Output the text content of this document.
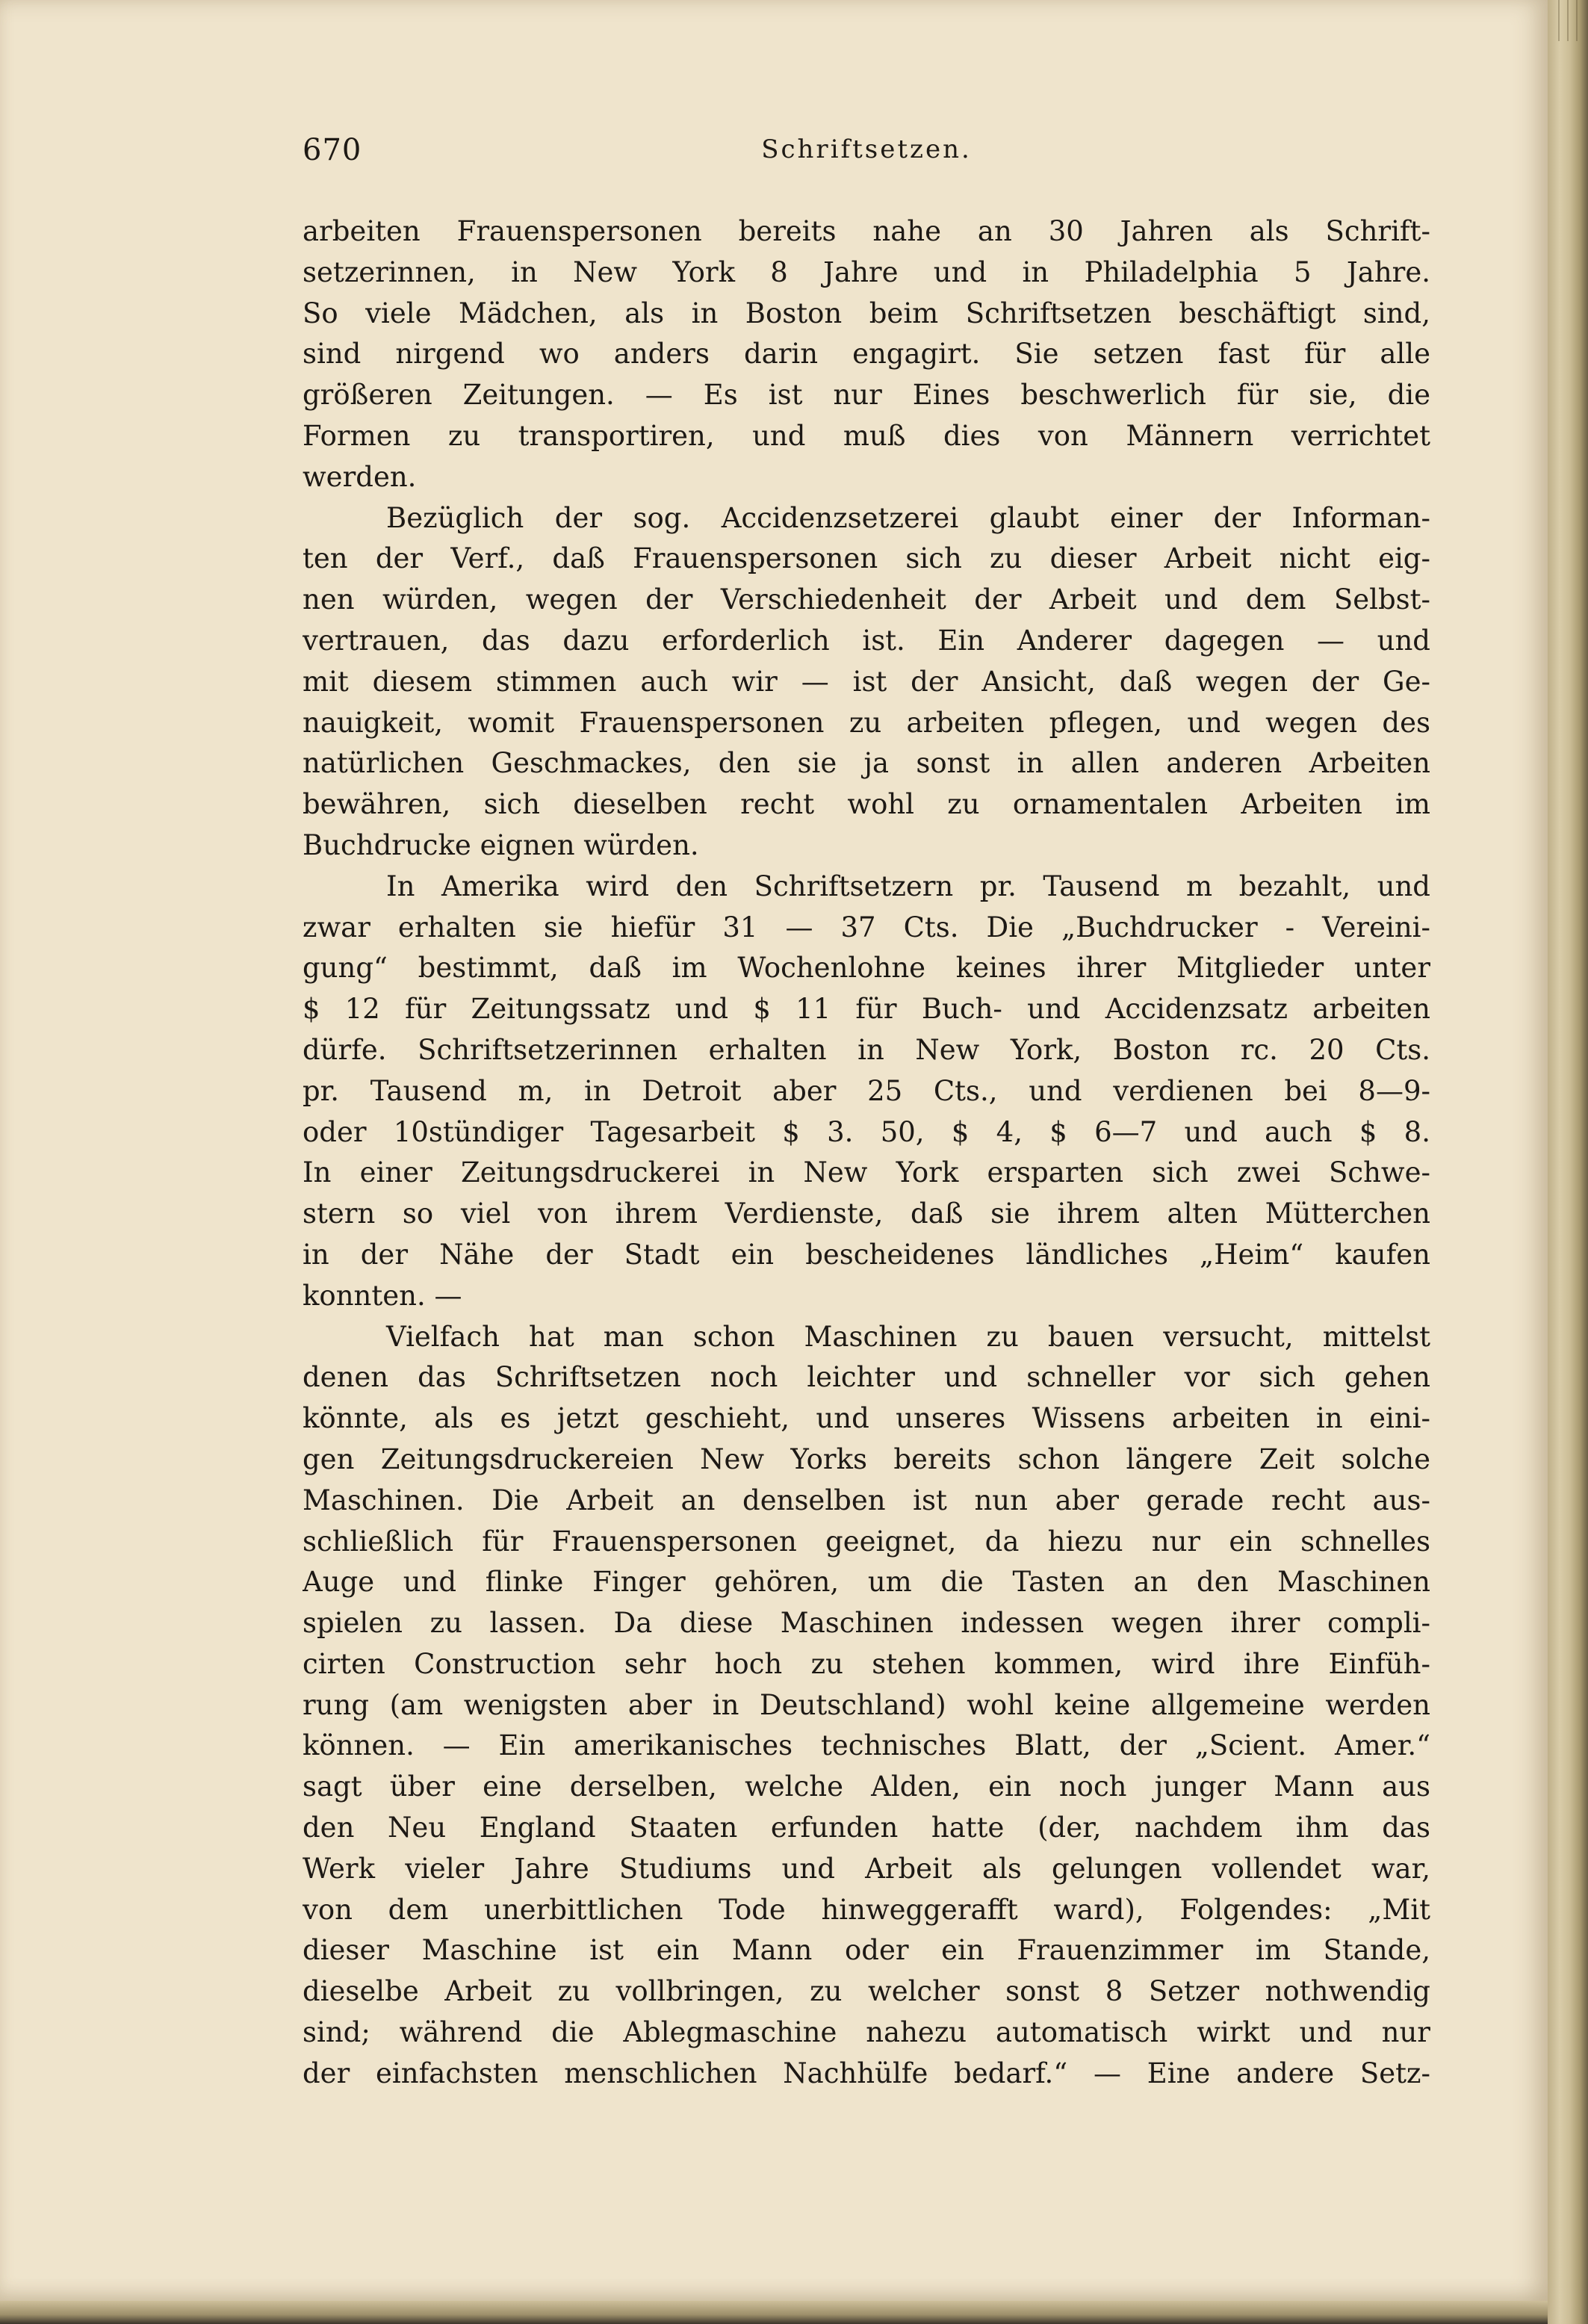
670	Schriftsetzen.
arbeiten Frauenspersonen bereits nahe an 30 Jahren als Schrift-
setzerinnen, in New York 8 Jahre und in Philadelphia 5 Jahre.
So viele Mädchen, als in Boston beim Schriftsetzen beschäftigt sind,
sind nirgend wo anders darin engagirt. Sie setzen fast für alle
größeren Zeitungen. — Es ist nur Eines beschwerlich für sie, die
Formen zu transportiren, und muß dies von Männern verrichtet
werden.
Bezüglich der sog. Accidenzsetzerei glaubt einer der Informan-
ten der Verf., daß Frauenspersonen sich zu dieser Arbeit nicht eig-
nen würden, wegen der Verschiedenheit der Arbeit und dem Selbst-
vertrauen, das dazu erforderlich ist. Ein Anderer dagegen — und
mit diesem stimmen auch wir — ist der Ansicht, daß wegen der Ge-
nauigkeit, womit Frauenspersonen zu arbeiten pflegen, und wegen des
natürlichen Geschmackes, den sie ja sonst in allen anderen Arbeiten
bewähren, sich dieselben recht wohl zu ornamentalen Arbeiten im
Buchdrucke eignen würden.
In Amerika wird den Schriftsetzern pr. Tausend m bezahlt, und
zwar erhalten sie hiefür 31 — 37 Cts. Die „Buchdrucker - Vereini-
gung“ bestimmt, daß im Wochenlohne keines ihrer Mitglieder unter
$ 12 für Zeitungssatz und $ 11 für Buch- und Accidenzsatz arbeiten
dürfe. Schriftsetzerinnen erhalten in New York, Boston rc. 20 Cts.
pr. Tausend m, in Detroit aber 25 Cts., und verdienen bei 8—9-
oder 10stündiger Tagesarbeit $ 3. 50, $ 4, $ 6—7 und auch $ 8.
In einer Zeitungsdruckerei in New York ersparten sich zwei Schwe-
stern so viel von ihrem Verdienste, daß sie ihrem alten Mütterchen
in der Nähe der Stadt ein bescheidenes ländliches „Heim“ kaufen
konnten. —
Vielfach hat man schon Maschinen zu bauen versucht, mittelst
denen das Schriftsetzen noch leichter und schneller vor sich gehen
könnte, als es jetzt geschieht, und unseres Wissens arbeiten in eini-
gen Zeitungsdruckereien New Yorks bereits schon längere Zeit solche
Maschinen. Die Arbeit an denselben ist nun aber gerade recht aus-
schließlich für Frauenspersonen geeignet, da hiezu nur ein schnelles
Auge und flinke Finger gehören, um die Tasten an den Maschinen
spielen zu lassen. Da diese Maschinen indessen wegen ihrer compli-
cirten Construction sehr hoch zu stehen kommen, wird ihre Einfüh-
rung (am wenigsten aber in Deutschland) wohl keine allgemeine werden
können. — Ein amerikanisches technisches Blatt, der „Scient. Amer.“
sagt über eine derselben, welche Alden, ein noch junger Mann aus
den Neu England Staaten erfunden hatte (der, nachdem ihm das
Werk vieler Jahre Studiums und Arbeit als gelungen vollendet war,
von dem unerbittlichen Tode hinweggerafft ward), Folgendes: „Mit
dieser Maschine ist ein Mann oder ein Frauenzimmer im Stande,
dieselbe Arbeit zu vollbringen, zu welcher sonst 8 Setzer nothwendig
sind; während die Ablegmaschine nahezu automatisch wirkt und nur
der einfachsten menschlichen Nachhülfe bedarf.“ — Eine andere Setz-
